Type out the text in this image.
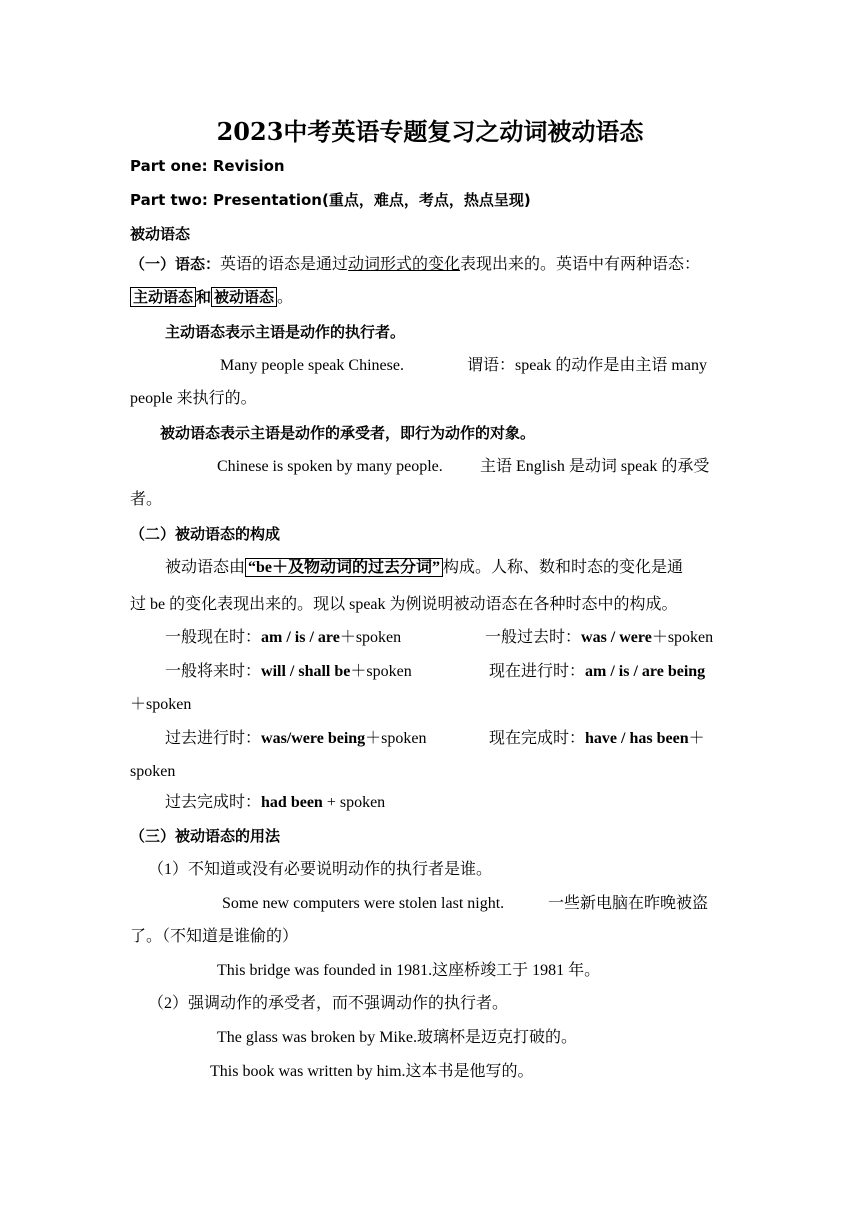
2023中考英语专题复习之动词被动语态
Part one: Revision
Part two: Presentation(重点，难点，考点，热点呈现)
被动语态
（一）语态：英语的语态是通过动词形式的变化表现出来的。英语中有两种语态：
主动语态 和 被动语态 。
主动语态表示主语是动作的执行者。
Many people speak Chinese.	谓语：speak 的动作是由主语 many
people 来执行的。
被动语态表示主语是动作的承受者，即行为动作的对象。
Chinese is spoken by many people. 主语 English 是动词 speak 的承受
者。
（二）被动语态的构成
被动语态由 “be＋及物动词的过去分词” 构成。人称、数和时态的变化是通
过 be 的变化表现出来的。现以 speak 为例说明被动语态在各种时态中的构成。
一般现在时：am / is / are＋spoken	一般过去时：was / were＋spoken
一般将来时：will / shall be＋spoken	现在进行时：am / is / are being
＋spoken
过去进行时：was/were being＋spoken	现在完成时：have / has been＋
spoken
过去完成时：had been + spoken
（三）被动语态的用法
（1）不知道或没有必要说明动作的执行者是谁。
Some new computers were stolen last night.	一些新电脑在昨晚被盗
了。（不知道是谁偷的）
This bridge was founded in 1981.这座桥竣工于 1981 年。
（2）强调动作的承受者，而不强调动作的执行者。
The glass was broken by Mike.玻璃杯是迈克打破的。
This book was written by him.这本书是他写的。
